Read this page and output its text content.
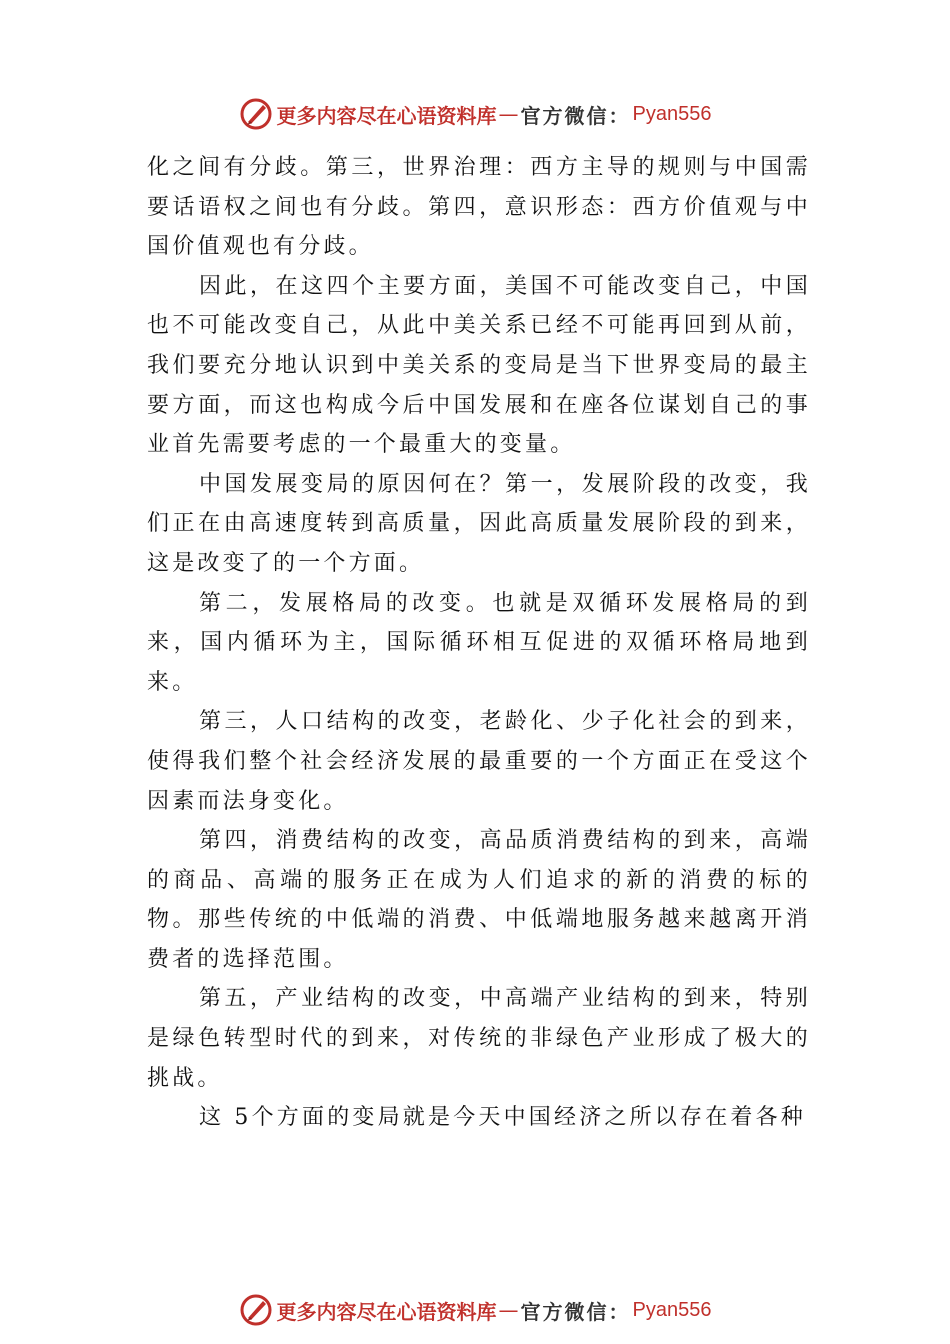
更多内容尽在心语资料库 — 官方微信： Pyan556

化之间有分歧。第三，世界治理：西方主导的规则与中国需要话语权之间也有分歧。第四，意识形态：西方价值观与中国价值观也有分歧。

因此，在这四个主要方面，美国不可能改变自己，中国也不可能改变自己，从此中美关系已经不可能再回到从前，我们要充分地认识到中美关系的变局是当下世界变局的最主要方面，而这也构成今后中国发展和在座各位谋划自己的事业首先需要考虑的一个最重大的变量。

中国发展变局的原因何在？第一，发展阶段的改变，我们正在由高速度转到高质量，因此高质量发展阶段的到来，这是改变了的一个方面。

第二，发展格局的改变。也就是双循环发展格局的到来，国内循环为主，国际循环相互促进的双循环格局地到来。

第三，人口结构的改变，老龄化、少子化社会的到来，使得我们整个社会经济发展的最重要的一个方面正在受这个因素而法身变化。

第四，消费结构的改变，高品质消费结构的到来，高端的商品、高端的服务正在成为人们追求的新的消费的标的物。那些传统的中低端的消费、中低端地服务越来越离开消费者的选择范围。

第五，产业结构的改变，中高端产业结构的到来，特别是绿色转型时代的到来，对传统的非绿色产业形成了极大的挑战。

这 5个方面的变局就是今天中国经济之所以存在着各种

更多内容尽在心语资料库 — 官方微信： Pyan556
